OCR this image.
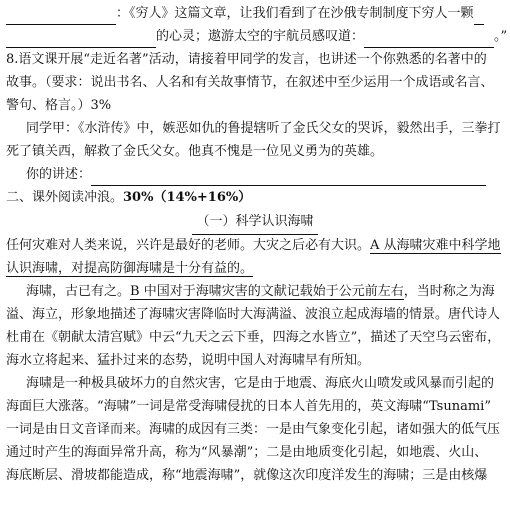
：《穷人》这篇文章，让我们看到了在沙俄专制制度下穷人一颗
的心灵；遨游太空的宇航员感叹道：	。”
8.语文课开展“走近名著”活动，请接着甲同学的发言，也讲述一个你熟悉的名著中的
故事。（要求：说出书名、人名和有关故事情节，在叙述中至少运用一个成语或名言、
警句、格言。）3%
同学甲：《水浒传》中，嫉恶如仇的鲁提辖听了金氏父女的哭诉，毅然出手，三拳打
死了镇关西，解救了金氏父女。他真不愧是一位见义勇为的英雄。
你的讲述：
二、课外阅读冲浪。30%（14%+16%）
（一）科学认识海啸
任何灾难对人类来说，兴许是最好的老师。大灾之后必有大识。A 从海啸灾难中科学地
认识海啸，对提高防御海啸是十分有益的。
海啸，古已有之。B 中国对于海啸灾害的文献记载始于公元前左右，当时称之为海
溢、海立，形象地描述了海啸灾害降临时大海满溢、波浪立起成海墙的情景。唐代诗人
杜甫在《朝献太清宫赋》中云“九天之云下垂，四海之水皆立”，描述了天空乌云密布，
海水立将起来、猛扑过来的态势，说明中国人对海啸早有所知。
海啸是一种极具破坏力的自然灾害，它是由于地震、海底火山喷发或风暴而引起的
海面巨大涨落。“海啸”一词是常受海啸侵扰的日本人首先用的，英文海啸“Tsunami”
一词是由日文音译而来。海啸的成因有三类：一是由气象变化引起，诸如强大的低气压
通过时产生的海面异常升高，称为“风暴潮”；二是由地质变化引起，如地震、火山、
海底断层、滑坡都能造成，称“地震海啸”，就像这次印度洋发生的海啸；三是由核爆
